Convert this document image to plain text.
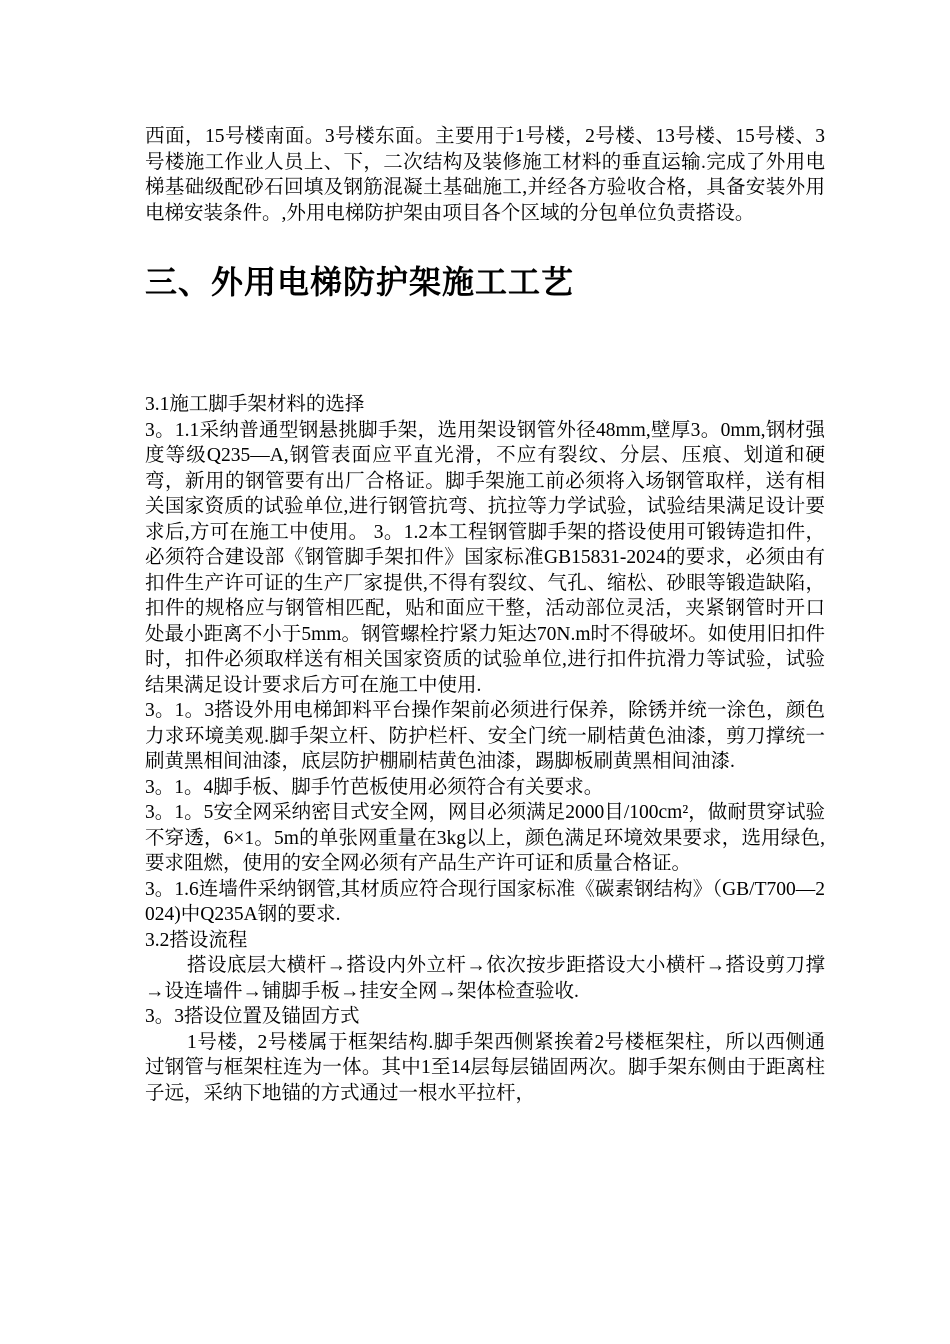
西面，15号楼南面。3号楼东面。主要用于1号楼，2号楼、13号楼、15号楼、3号楼施工作业人员上、下，二次结构及装修施工材料的垂直运输.完成了外用电梯基础级配砂石回填及钢筋混凝土基础施工,并经各方验收合格，具备安装外用电梯安装条件。,外用电梯防护架由项目各个区域的分包单位负责搭设。

三、外用电梯防护架施工工艺

3.1施工脚手架材料的选择

3。1.1采纳普通型钢悬挑脚手架，选用架设钢管外径48mm,壁厚3。0mm,钢材强度等级Q235—A,钢管表面应平直光滑，不应有裂纹、分层、压痕、划道和硬弯，新用的钢管要有出厂合格证。脚手架施工前必须将入场钢管取样，送有相关国家资质的试验单位,进行钢管抗弯、抗拉等力学试验，试验结果满足设计要求后,方可在施工中使用。 3。1.2本工程钢管脚手架的搭设使用可锻铸造扣件，必须符合建设部《钢管脚手架扣件》国家标准GB15831-2024的要求，必须由有扣件生产许可证的生产厂家提供,不得有裂纹、气孔、缩松、砂眼等锻造缺陷，扣件的规格应与钢管相匹配，贴和面应干整，活动部位灵活，夹紧钢管时开口处最小距离不小于5mm。钢管螺栓拧紧力矩达70N.m时不得破坏。如使用旧扣件时，扣件必须取样送有相关国家资质的试验单位,进行扣件抗滑力等试验，试验结果满足设计要求后方可在施工中使用.

3。1。3搭设外用电梯卸料平台操作架前必须进行保养，除锈并统一涂色，颜色力求环境美观.脚手架立杆、防护栏杆、安全门统一刷桔黄色油漆，剪刀撑统一刷黄黑相间油漆，底层防护棚刷桔黄色油漆，踢脚板刷黄黑相间油漆.

3。1。4脚手板、脚手竹芭板使用必须符合有关要求。

3。1。5安全网采纳密目式安全网，网目必须满足2000目/100cm²，做耐贯穿试验不穿透，6×1。5m的单张网重量在3kg以上，颜色满足环境效果要求，选用绿色,要求阻燃，使用的安全网必须有产品生产许可证和质量合格证。

3。1.6连墙件采纳钢管,其材质应符合现行国家标准《碳素钢结构》（GB/T700—2024)中Q235A钢的要求.

3.2搭设流程

搭设底层大横杆→搭设内外立杆→依次按步距搭设大小横杆→搭设剪刀撑→设连墙件→铺脚手板→挂安全网→架体检查验收.

3。3搭设位置及锚固方式

1号楼，2号楼属于框架结构.脚手架西侧紧挨着2号楼框架柱，所以西侧通过钢管与框架柱连为一体。其中1至14层每层锚固两次。脚手架东侧由于距离柱子远，采纳下地锚的方式通过一根水平拉杆，
